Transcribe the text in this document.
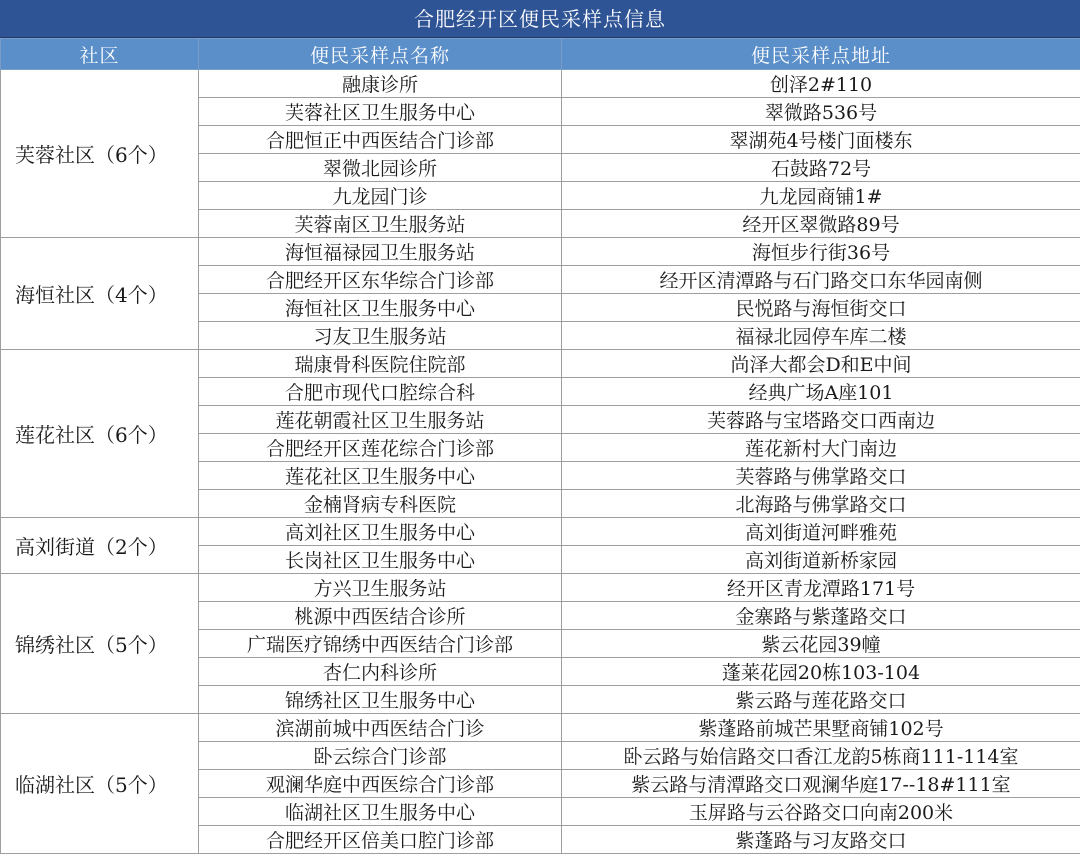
合肥经开区便民采样点信息
社区	便民采样点名称	便民采样点地址
芙蓉社区（6个）	融康诊所	创泽2#110
	芙蓉社区卫生服务中心	翠微路536号
	合肥恒正中西医结合门诊部	翠湖苑4号楼门面楼东
	翠微北园诊所	石鼓路72号
	九龙园门诊	九龙园商铺1#
	芙蓉南区卫生服务站	经开区翠微路89号
海恒社区（4个）	海恒福禄园卫生服务站	海恒步行街36号
	合肥经开区东华综合门诊部	经开区清潭路与石门路交口东华园南侧
	海恒社区卫生服务中心	民悦路与海恒街交口
	习友卫生服务站	福禄北园停车库二楼
莲花社区（6个）	瑞康骨科医院住院部	尚泽大都会D和E中间
	合肥市现代口腔综合科	经典广场A座101
	莲花朝霞社区卫生服务站	芙蓉路与宝塔路交口西南边
	合肥经开区莲花综合门诊部	莲花新村大门南边
	莲花社区卫生服务中心	芙蓉路与佛掌路交口
	金楠肾病专科医院	北海路与佛掌路交口
高刘街道（2个）	高刘社区卫生服务中心	高刘街道河畔雅苑
	长岗社区卫生服务中心	高刘街道新桥家园
锦绣社区（5个）	方兴卫生服务站	经开区青龙潭路171号
	桃源中西医结合诊所	金寨路与紫蓬路交口
	广瑞医疗锦绣中西医结合门诊部	紫云花园39幢
	杏仁内科诊所	蓬莱花园20栋103-104
	锦绣社区卫生服务中心	紫云路与莲花路交口
临湖社区（5个）	滨湖前城中西医结合门诊	紫蓬路前城芒果墅商铺102号
	卧云综合门诊部	卧云路与始信路交口香江龙韵5栋商111-114室
	观澜华庭中西医综合门诊部	紫云路与清潭路交口观澜华庭17--18#111室
	临湖社区卫生服务中心	玉屏路与云谷路交口向南200米
	合肥经开区倍美口腔门诊部	紫蓬路与习友路交口
